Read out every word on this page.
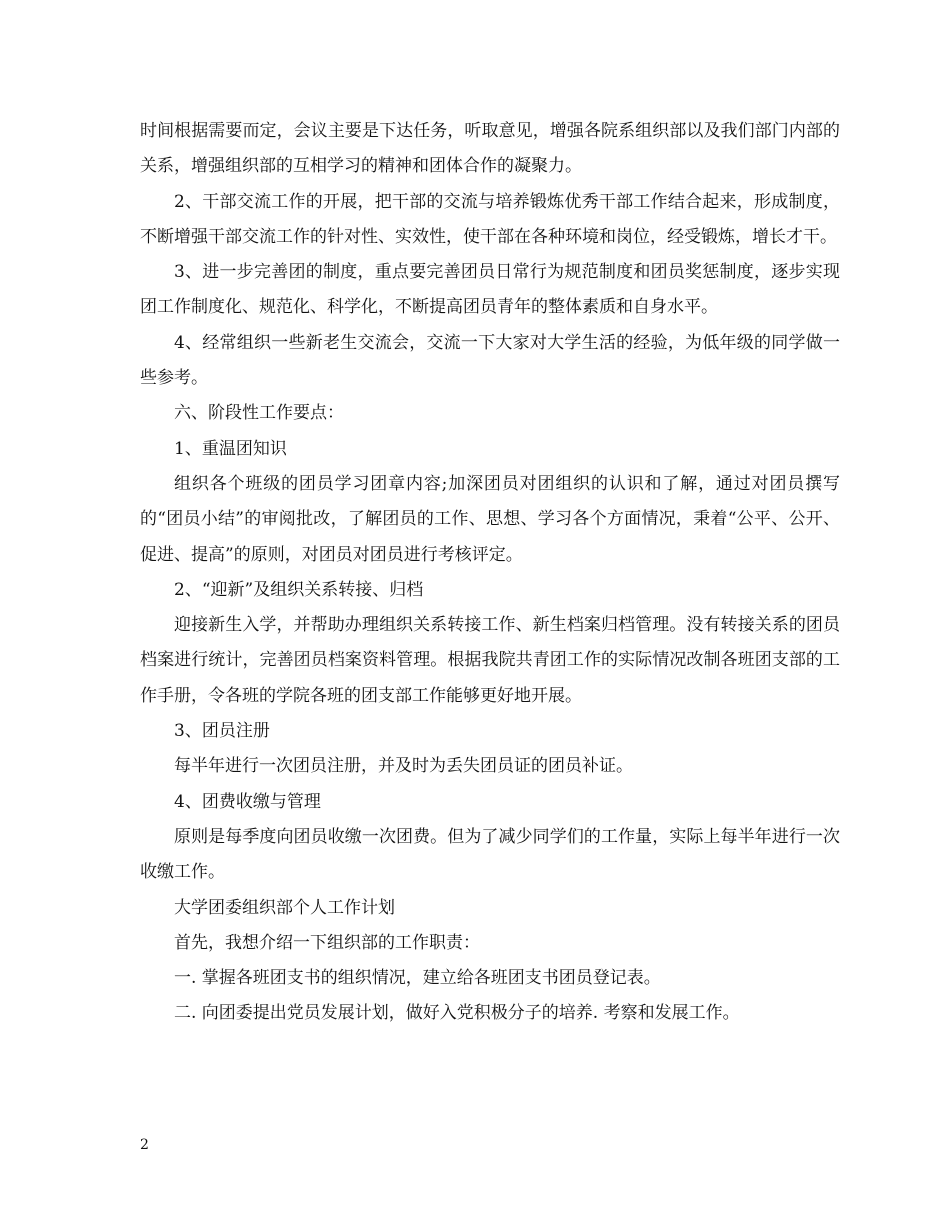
时间根据需要而定，会议主要是下达任务，听取意见，增强各院系组织部以及我们部门内部的关系，增强组织部的互相学习的精神和团体合作的凝聚力。

2、干部交流工作的开展，把干部的交流与培养锻炼优秀干部工作结合起来，形成制度，不断增强干部交流工作的针对性、实效性，使干部在各种环境和岗位，经受锻炼，增长才干。

3、进一步完善团的制度，重点要完善团员日常行为规范制度和团员奖惩制度，逐步实现团工作制度化、规范化、科学化，不断提高团员青年的整体素质和自身水平。

4、经常组织一些新老生交流会，交流一下大家对大学生活的经验，为低年级的同学做一些参考。

六、阶段性工作要点：

1、重温团知识

组织各个班级的团员学习团章内容;加深团员对团组织的认识和了解，通过对团员撰写的“团员小结”的审阅批改，了解团员的工作、思想、学习各个方面情况，秉着“公平、公开、促进、提高”的原则，对团员对团员进行考核评定。

2、“迎新”及组织关系转接、归档

迎接新生入学，并帮助办理组织关系转接工作、新生档案归档管理。没有转接关系的团员档案进行统计，完善团员档案资料管理。根据我院共青团工作的实际情况改制各班团支部的工作手册，令各班的学院各班的团支部工作能够更好地开展。

3、团员注册

每半年进行一次团员注册，并及时为丢失团员证的团员补证。

4、团费收缴与管理

原则是每季度向团员收缴一次团费。但为了减少同学们的工作量，实际上每半年进行一次收缴工作。

大学团委组织部个人工作计划

首先，我想介绍一下组织部的工作职责：

一. 掌握各班团支书的组织情况，建立给各班团支书团员登记表。

二. 向团委提出党员发展计划，做好入党积极分子的培养. 考察和发展工作。

2
